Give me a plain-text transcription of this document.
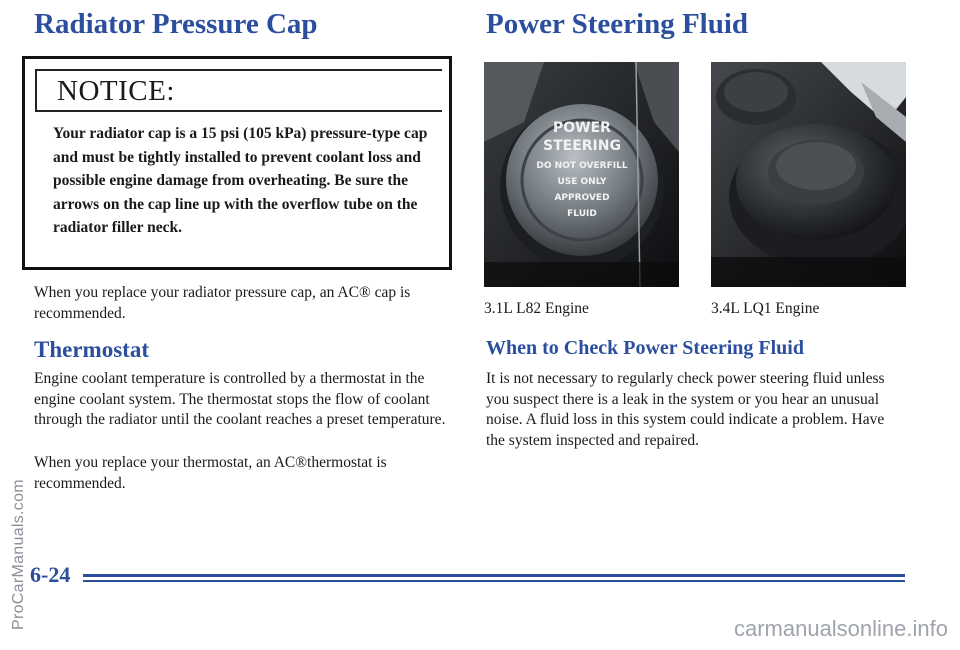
Radiator Pressure Cap
NOTICE:

Your radiator cap is a 15 psi (105 kPa) pressure-type cap and must be tightly installed to prevent coolant loss and possible engine damage from overheating. Be sure the arrows on the cap line up with the overflow tube on the radiator filler neck.

When you replace your radiator pressure cap, an AC® cap is recommended.

Thermostat

Engine coolant temperature is controlled by a thermostat in the engine coolant system. The thermostat stops the flow of coolant through the radiator until the coolant reaches a preset temperature.

When you replace your thermostat, an AC®thermostat is recommended.

Power Steering Fluid
POWER
STEERING
DO NOT OVERFILL
USE ONLY
APPROVED
FLUID

3.1L L82 Engine	3.4L LQ1 Engine

When to Check Power Steering Fluid

It is not necessary to regularly check power steering fluid unless you suspect there is a leak in the system or you hear an unusual noise. A fluid loss in this system could indicate a problem. Have the system inspected and repaired.

6-24

ProCarManuals.com	carmanualsonline.info
